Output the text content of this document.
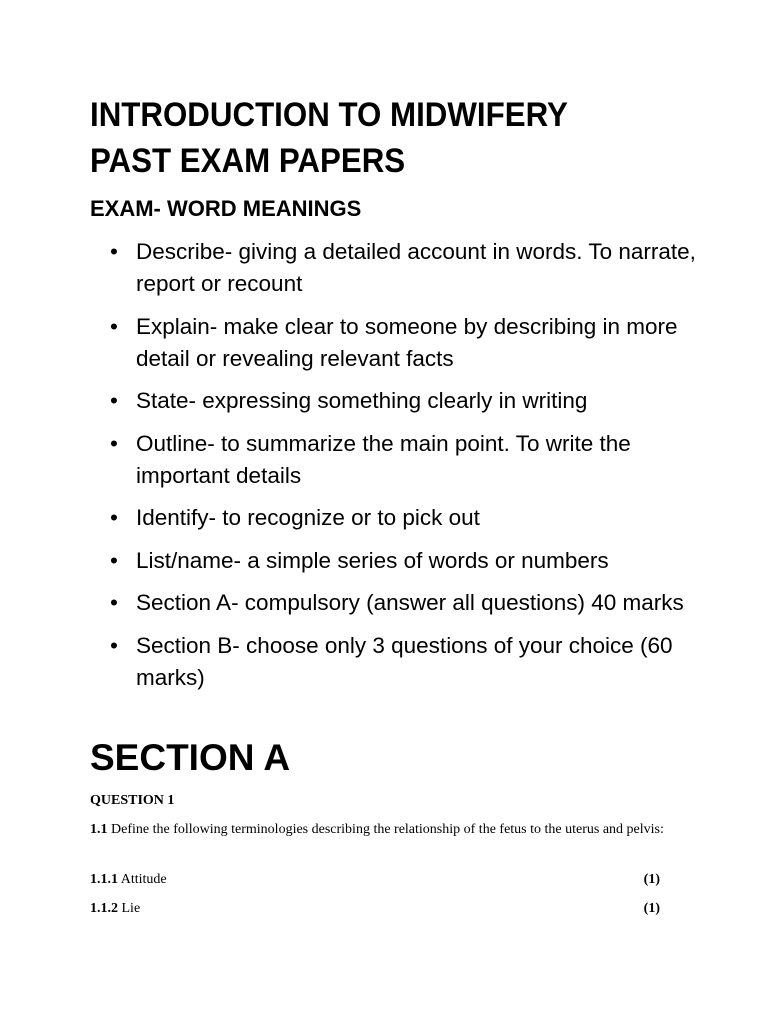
INTRODUCTION TO MIDWIFERY
PAST EXAM PAPERS
EXAM- WORD MEANINGS
• Describe- giving a detailed account in words. To narrate, report or recount
• Explain- make clear to someone by describing in more detail or revealing relevant facts
• State- expressing something clearly in writing
• Outline- to summarize the main point. To write the important details
• Identify- to recognize or to pick out
• List/name- a simple series of words or numbers
• Section A- compulsory (answer all questions) 40 marks
• Section B- choose only 3 questions of your choice (60 marks)
SECTION A

QUESTION 1

1.1 Define the following terminologies describing the relationship of the fetus to the uterus and pelvis:

1.1.1 Attitude	(1)
1.1.2 Lie	(1)
